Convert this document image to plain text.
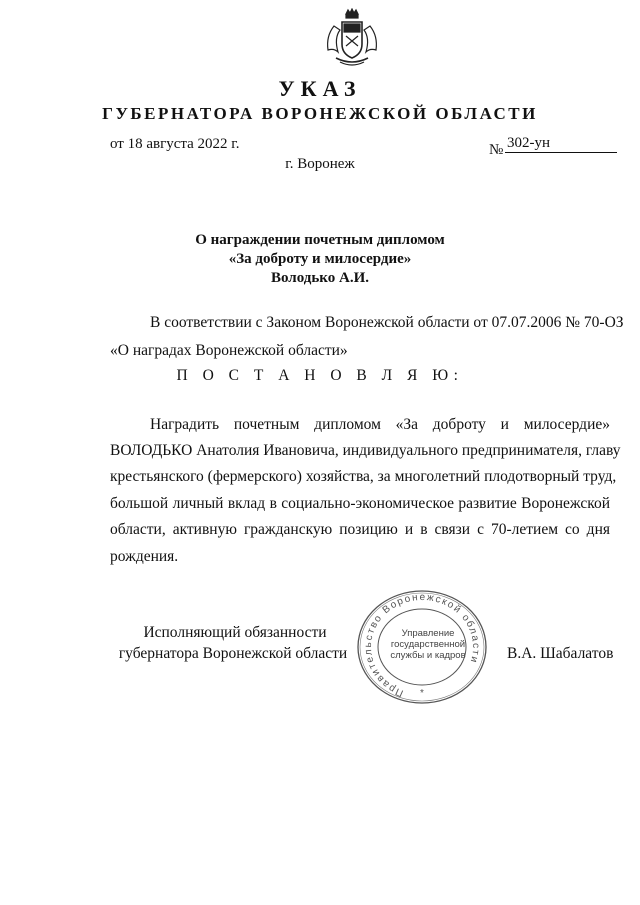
УКАЗ
ГУБЕРНАТОРА ВОРОНЕЖСКОЙ ОБЛАСТИ
от 18 августа 2022 г.	№ 302-ун
г. Воронеж
О награждении почетным дипломом
«За доброту и милосердие»
Володько А.И.
В соответствии с Законом Воронежской области от 07.07.2006 № 70-ОЗ
«О наградах Воронежской области»
П О С Т А Н О В Л Я Ю:
Наградить почетным дипломом «За доброту и милосердие»
ВОЛОДЬКО Анатолия Ивановича, индивидуального предпринимателя, главу
крестьянского (фермерского) хозяйства, за многолетний плодотворный труд,
большой личный вклад в социально-экономическое развитие Воронежской
области, активную гражданскую позицию и в связи с 70-летием со дня
рождения.
Исполняющий обязанности
губернатора Воронежской области	В.А. Шабалатов
Правительство Воронежской области
*
Управление
государственной
службы и кадров
